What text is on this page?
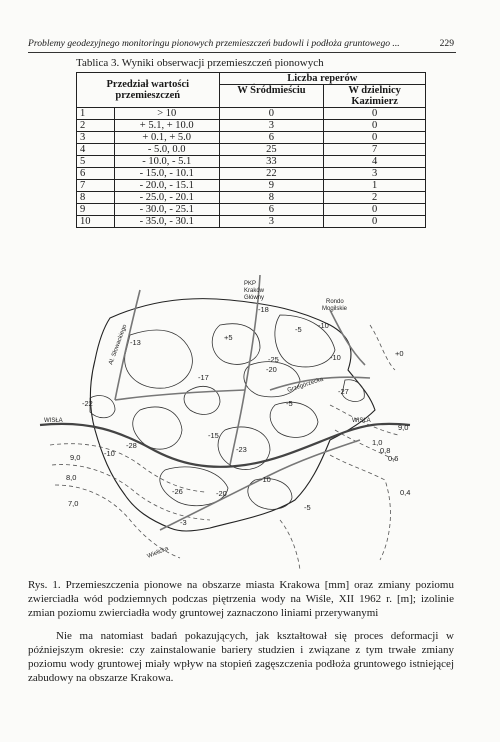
Problemy geodezyjnego monitoringu pionowych przemieszczeń budowli i podłoża gruntowego ...	229
Tablica 3. Wyniki obserwacji przemieszczeń pionowych
Przedział wartości przemieszczeń		Liczba reperów	
		W Śródmieściu	W dzielnicy Kazimierz
1	> 10	0	0
2	+ 5.1, + 10.0	3	0
3	+ 0.1, + 5.0	6	0
4	- 5.0, 0.0	25	7
5	- 10.0, - 5.1	33	4
6	- 15.0, - 10.1	22	3
7	- 20.0, - 15.1	9	1
8	- 25.0, - 20.1	8	2
9	- 30.0, - 25.1	6	0
10	- 35.0, - 30.1	3	0
PKP
Kraków
Główny
Rondo
Mogilskie
Al. Słowackiego
Grzegórzecka
WISŁA	WISŁA
Wielicka
-18
-10
-5
-13
+5
-25
-20
-10	+0
-22
-17
-5
-27
-28	-23
9,0
9,0	-10
1,0
0,8
0,6
8,0
7,0
0,4
-26	-20
-10
-5
-3
-15
Rys. 1. Przemieszczenia pionowe na obszarze miasta Krakowa [mm] oraz zmiany poziomu zwierciadła wód podziemnych podczas piętrzenia wody na Wiśle, XII 1962 r. [m]; izolinie zmian poziomu zwierciadła wody gruntowej zaznaczono liniami przerywanymi
Nie ma natomiast badań pokazujących, jak kształtował się proces deformacji w późniejszym okresie: czy zainstalowanie bariery studzien i związane z tym trwałe zmiany poziomu wody gruntowej miały wpływ na stopień zagęszczenia podłoża gruntowego istniejącej zabudowy na obszarze Krakowa.
